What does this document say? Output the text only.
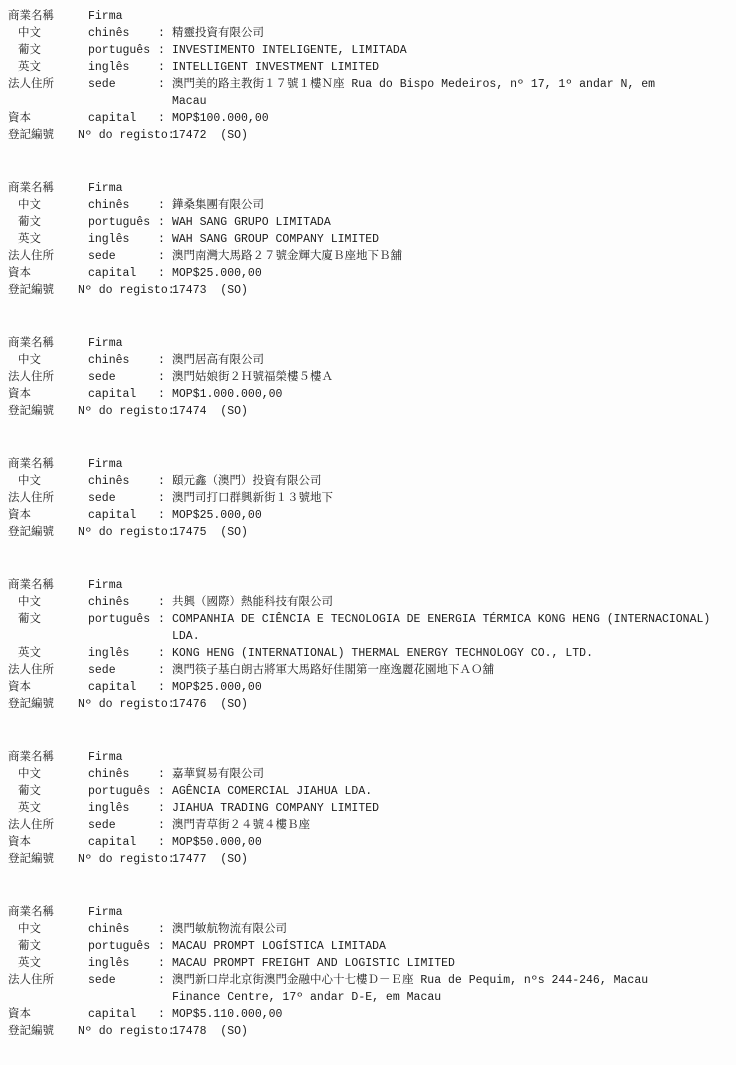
商業名稱	Firma
中文	chinês	: 精靈投資有限公司
葡文	português : INVESTIMENTO INTELIGENTE, LIMITADA
英文	inglês	: INTELLIGENT INVESTMENT LIMITED
法人住所	sede	: 澳門美的路主教街１７號１樓Ｎ座 Rua do Bispo Medeiros, nº 17, 1º andar N, em
Macau
資本	capital	: MOP$100.000,00
登記編號	Nº do registo:
17472  (SO)
商業名稱	Firma
中文	chinês	: 鏵桑集團有限公司
葡文	português : WAH SANG GRUPO LIMITADA
英文	inglês	: WAH SANG GROUP COMPANY LIMITED
法人住所	sede	: 澳門南灣大馬路２７號金輝大廈Ｂ座地下Ｂ舖
資本	capital	: MOP$25.000,00
登記編號	Nº do registo:
17473  (SO)
商業名稱	Firma
中文	chinês	: 澳門居高有限公司
法人住所	sede	: 澳門姑娘街２Ｈ號福榮樓５樓Ａ
資本	capital	: MOP$1.000.000,00
登記編號	Nº do registo:
17474  (SO)
商業名稱	Firma
中文	chinês	: 頤元鑫（澳門）投資有限公司
法人住所	sede	: 澳門司打口群興新街１３號地下
資本	capital	: MOP$25.000,00
登記編號	Nº do registo:
17475  (SO)
商業名稱	Firma
中文	chinês	: 共興（國際）熱能科技有限公司
葡文	português : COMPANHIA DE CIÊNCIA E TECNOLOGIA DE ENERGIA TÉRMICA KONG HENG (INTERNACIONAL)
LDA.
英文	inglês	: KONG HENG (INTERNATIONAL) THERMAL ENERGY TECHNOLOGY CO., LTD.
法人住所	sede	: 澳門筷子基白朗古將軍大馬路好佳閣第一座逸麗花園地下ＡＯ舖
資本	capital	: MOP$25.000,00
登記編號	Nº do registo:
17476  (SO)
商業名稱	Firma
中文	chinês	: 嘉華貿易有限公司
葡文	português : AGÊNCIA COMERCIAL JIAHUA LDA.
英文	inglês	: JIAHUA TRADING COMPANY LIMITED
法人住所	sede	: 澳門青草街２４號４樓Ｂ座
資本	capital	: MOP$50.000,00
登記編號	Nº do registo:
17477  (SO)
商業名稱	Firma
中文	chinês	: 澳門敏航物流有限公司
葡文	português : MACAU PROMPT LOGÍSTICA LIMITADA
英文	inglês	: MACAU PROMPT FREIGHT AND LOGISTIC LIMITED
法人住所	sede	: 澳門新口岸北京街澳門金融中心十七樓Ｄ－Ｅ座 Rua de Pequim, nºs 244-246, Macau
Finance Centre, 17º andar D-E, em Macau
資本	capital	: MOP$5.110.000,00
登記編號	Nº do registo:
17478  (SO)
